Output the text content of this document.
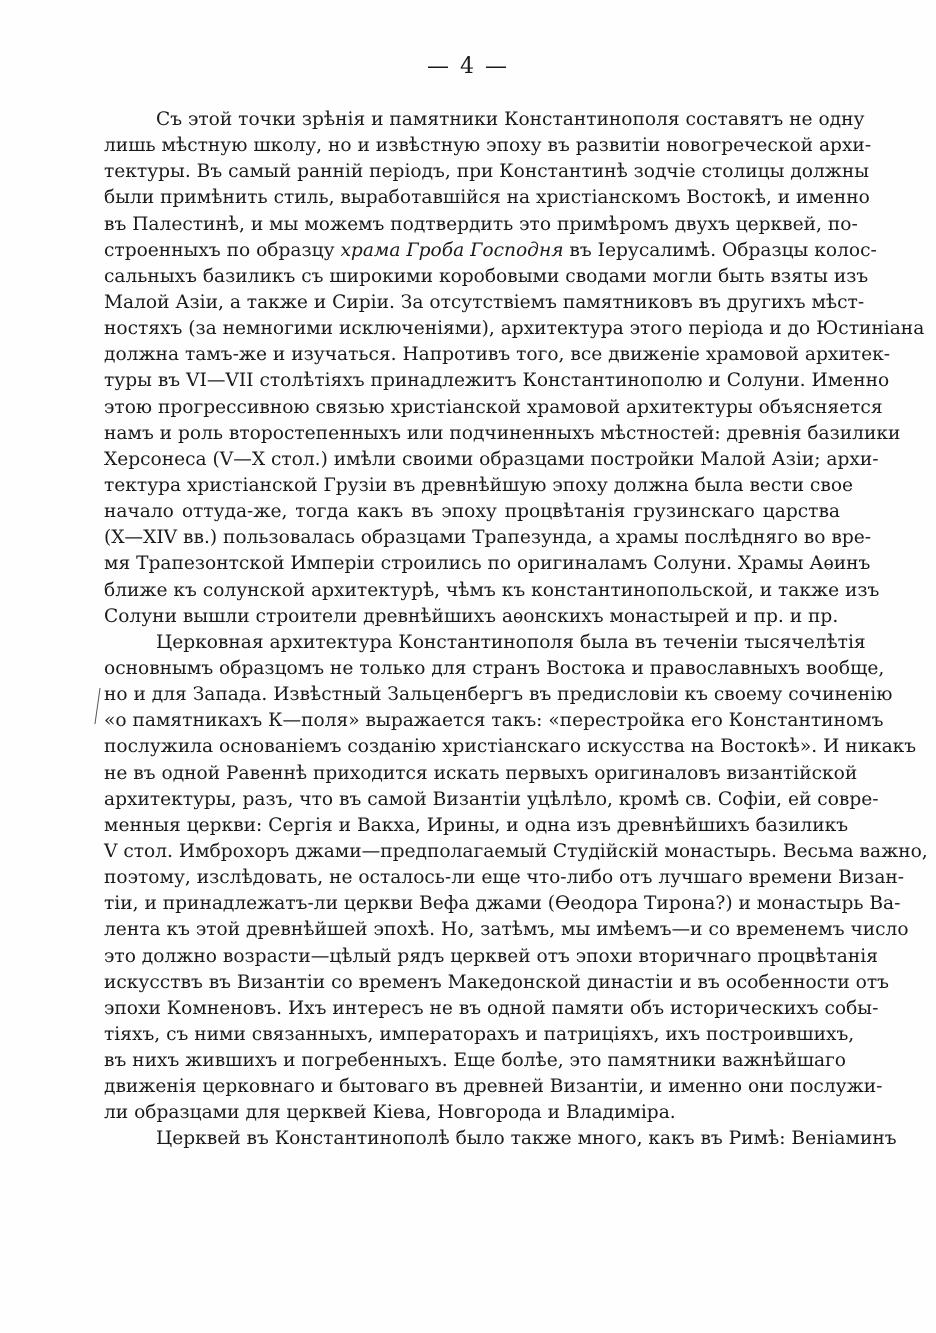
— 4 —
Съ этой точки зрѣнія и памятники Константинополя составятъ не одну
лишь мѣстную школу, но и извѣстную эпоху въ развитіи новогреческой архи-
тектуры. Въ самый ранній періодъ, при Константинѣ зодчіе столицы должны
были примѣнить стиль, выработавшійся на христіанскомъ Востокѣ, и именно
въ Палестинѣ, и мы можемъ подтвердить это примѣромъ двухъ церквей, по-
строенныхъ по образцу храма Гроба Господня въ Іерусалимѣ. Образцы колос-
сальныхъ базиликъ съ широкими коробовыми сводами могли быть взяты изъ
Малой Азіи, а также и Сиріи. За отсутствіемъ памятниковъ въ другихъ мѣст-
ностяхъ (за немногими исключеніями), архитектура этого періода и до Юстиніана
должна тамъ-же и изучаться. Напротивъ того, все движеніе храмовой архитек-
туры въ VI—VII столѣтіяхъ принадлежитъ Константинополю и Солуни. Именно
этою прогрессивною связью христіанской храмовой архитектуры объясняется
намъ и роль второстепенныхъ или подчиненныхъ мѣстностей: древнія базилики
Херсонеса (V—X стол.) имѣли своими образцами постройки Малой Азіи; архи-
тектура христіанской Грузіи въ древнѣйшую эпоху должна была вести свое
начало оттуда-же, тогда какъ въ эпоху процвѣтанія грузинскаго царства
(X—XIV вв.) пользовалась образцами Трапезунда, а храмы послѣдняго во вре-
мя Трапезонтской Имперіи строились по оригиналамъ Солуни. Храмы Аѳинъ
ближе къ солунской архитектурѣ, чѣмъ къ константинопольской, и также изъ
Солуни вышли строители древнѣйшихъ аѳонскихъ монастырей и пр. и пр.
Церковная архитектура Константинополя была въ теченіи тысячелѣтія
основнымъ образцомъ не только для странъ Востока и православныхъ вообще,
но и для Запада. Извѣстный Зальценбергъ въ предисловіи къ своему сочиненію
«о памятникахъ К—поля» выражается такъ: «перестройка его Константиномъ
послужила основаніемъ созданію христіанскаго искусства на Востокѣ». И никакъ
не въ одной Равеннѣ приходится искать первыхъ оригиналовъ византійской
архитектуры, разъ, что въ самой Византіи уцѣлѣло, кромѣ св. Софіи, ей совре-
менныя церкви: Сергія и Вакха, Ирины, и одна изъ древнѣйшихъ базиликъ
V стол. Имброхоръ джами—предполагаемый Студійскій монастырь. Весьма важно,
поэтому, изслѣдовать, не осталось-ли еще что-либо отъ лучшаго времени Визан-
тіи, и принадлежатъ-ли церкви Вефа джами (Ѳеодора Тирона?) и монастырь Ва-
лента къ этой древнѣйшей эпохѣ. Но, затѣмъ, мы имѣемъ—и со временемъ число
это должно возрасти—цѣлый рядъ церквей отъ эпохи вторичнаго процвѣтанія
искусствъ въ Византіи со временъ Македонской династіи и въ особенности отъ
эпохи Комненовъ. Ихъ интересъ не въ одной памяти объ историческихъ собы-
тіяхъ, съ ними связанныхъ, императорахъ и патриціяхъ, ихъ построившихъ,
въ нихъ жившихъ и погребенныхъ. Еще болѣе, это памятники важнѣйшаго
движенія церковнаго и бытоваго въ древней Византіи, и именно они послужи-
ли образцами для церквей Кіева, Новгорода и Владиміра.
Церквей въ Константинополѣ было также много, какъ въ Римѣ: Веніаминъ
